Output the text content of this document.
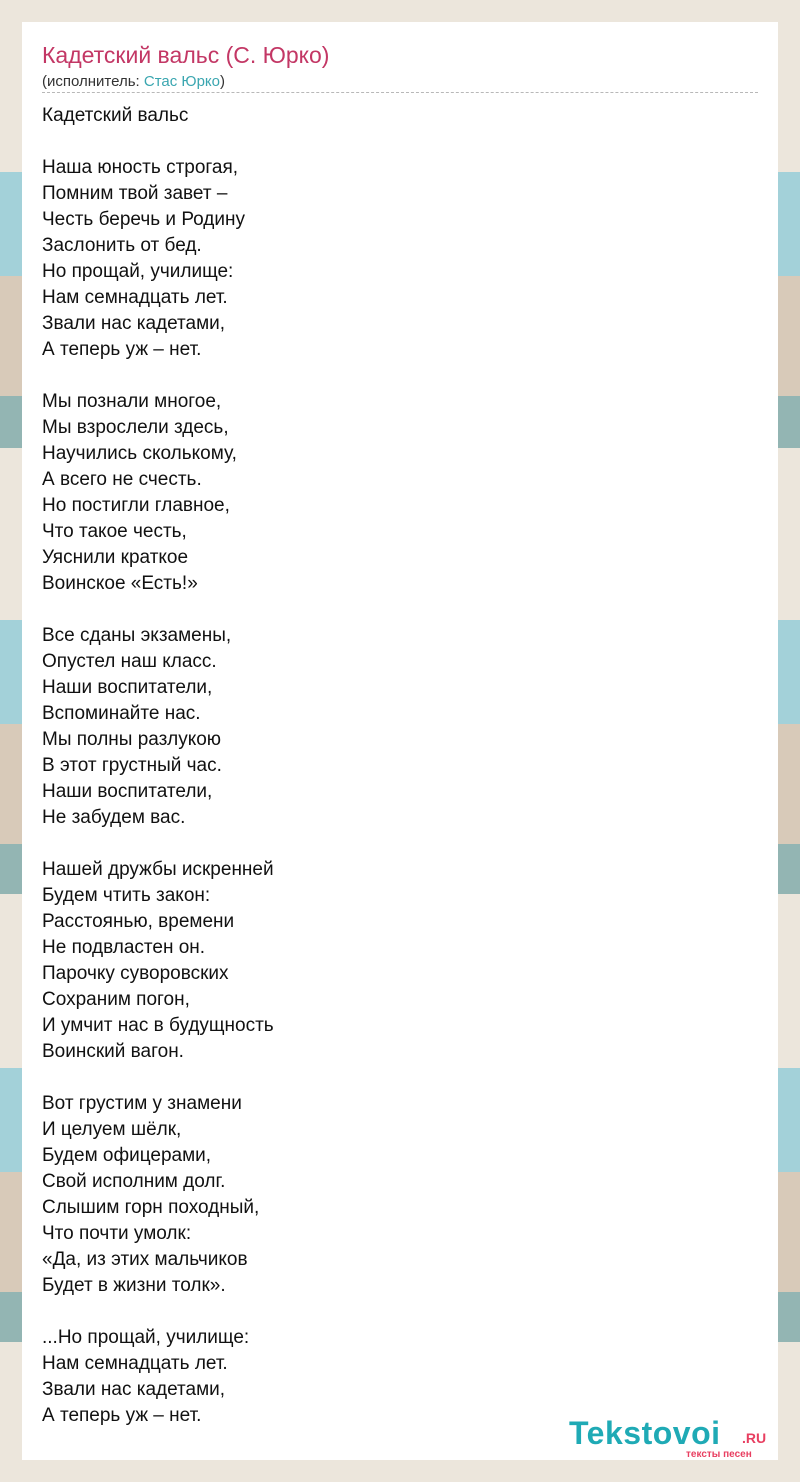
Кадетский вальс (С. Юрко)
(исполнитель: Стас Юрко)
Кадетский вальс
Наша юность строгая,
Помним твой завет –
Честь беречь и Родину
Заслонить от бед.
Но прощай, училище:
Нам семнадцать лет.
Звали нас кадетами,
А теперь уж – нет.
Мы познали многое,
Мы взрослели здесь,
Научились сколькому,
А всего не счесть.
Но постигли главное,
Что такое честь,
Уяснили краткое
Воинское «Есть!»
Все сданы экзамены,
Опустел наш класс.
Наши воспитатели,
Вспоминайте нас.
Мы полны разлукою
В этот грустный час.
Наши воспитатели,
Не забудем вас.
Нашей дружбы искренней
Будем чтить закон:
Расстоянью, времени
Не подвластен он.
Парочку суворовских
Сохраним погон,
И умчит нас в будущность
Воинский вагон.
Вот грустим у знамени
И целуем шёлк,
Будем офицерами,
Свой исполним долг.
Слышим горн походный,
Что почти умолк:
«Да, из этих мальчиков
Будет в жизни толк».
...Но прощай, училище:
Нам семнадцать лет.
Звали нас кадетами,
А теперь уж – нет.	Tekstovoi .RU
тексты песен
